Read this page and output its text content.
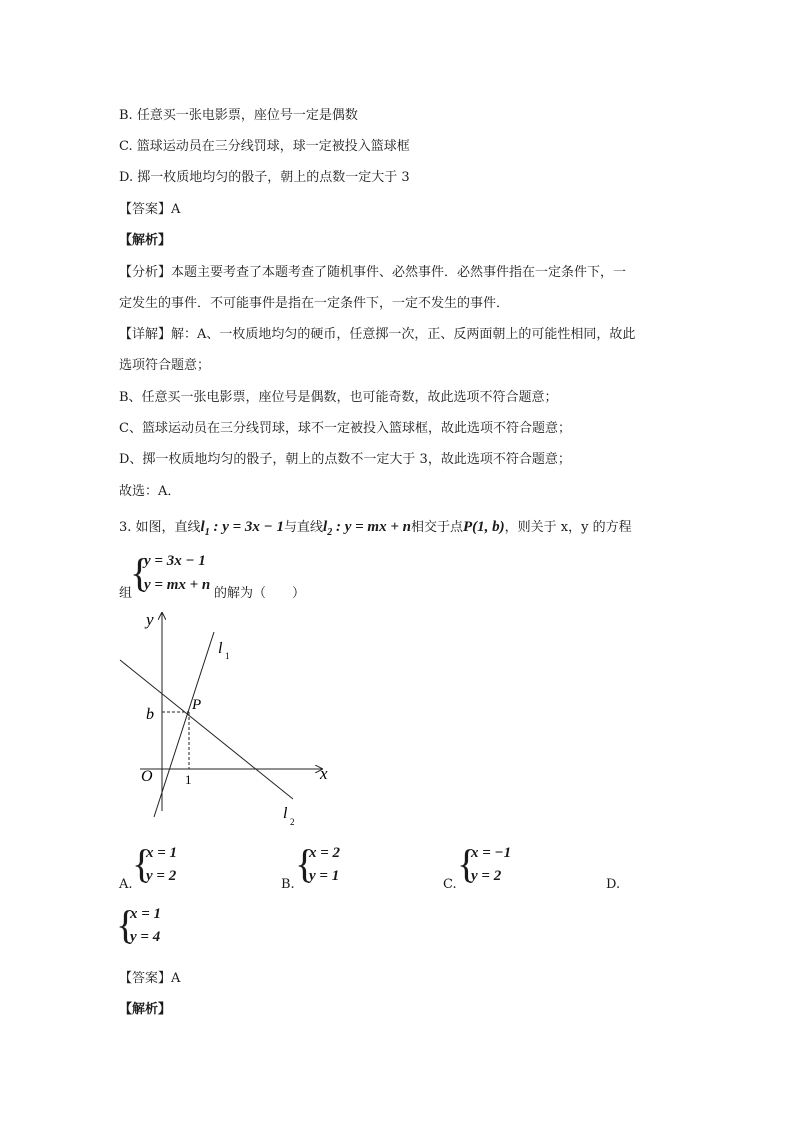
B. 任意买一张电影票，座位号一定是偶数
C. 篮球运动员在三分线罚球，球一定被投入篮球框
D. 掷一枚质地均匀的骰子，朝上的点数一定大于 3
【答案】A
【解析】
【分析】本题主要考查了本题考查了随机事件、必然事件．必然事件指在一定条件下，一
定发生的事件．不可能事件是指在一定条件下，一定不发生的事件．
【详解】解：A、一枚质地均匀的硬币，任意掷一次，正、反两面朝上的可能性相同，故此
选项符合题意；
B、任意买一张电影票，座位号是偶数，也可能奇数，故此选项不符合题意；
C、篮球运动员在三分线罚球，球不一定被投入篮球框，故此选项不符合题意；
D、掷一枚质地均匀的骰子，朝上的点数不一定大于 3，故此选项不符合题意；
故选：A．
3. 如图，直线$l_1$ : y = 3x − 1与直线$l_2$ : y = mx + n相交于点P(1, b)，则关于 x，y 的方程
组
{
y = 3x − 1
y = mx + n
的解为（　　）
y
x
O
b
1
P
l 1
l 2
A. {
x = 1
y = 2
B. {
x = 2
y = 1
C. {
x = −1
y = 2
D.
{
x = 1
y = 4
【答案】A
【解析】
